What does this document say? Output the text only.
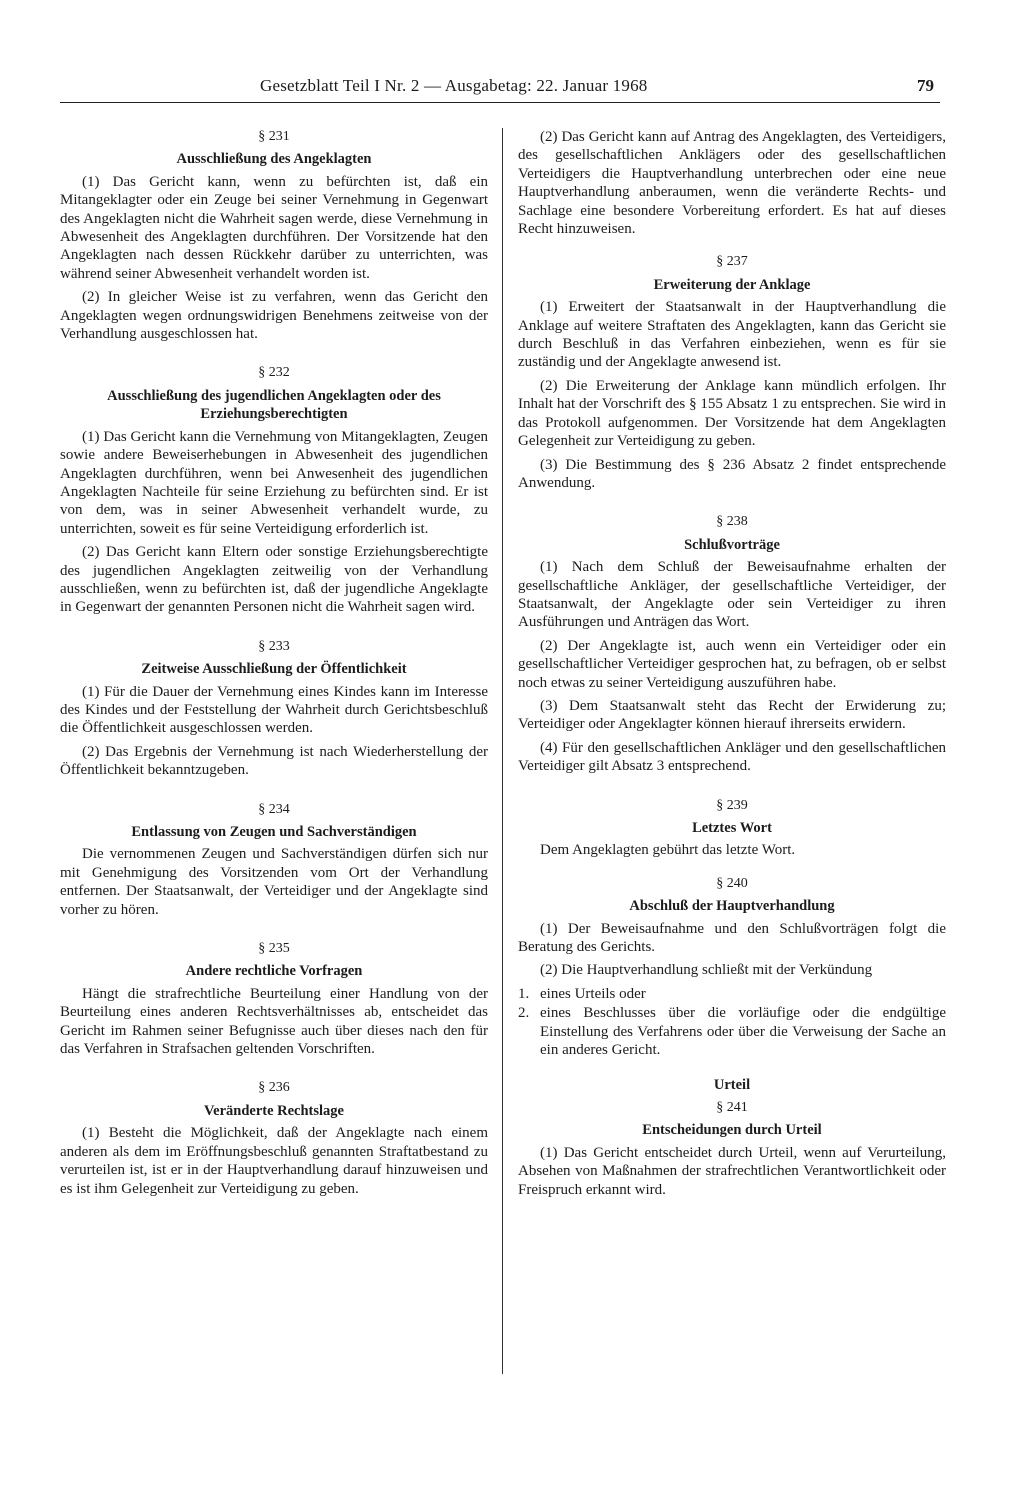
Gesetzblatt Teil I Nr. 2 — Ausgabetag: 22. Januar 1968	79
§ 231
Ausschließung des Angeklagten

(1) Das Gericht kann, wenn zu befürchten ist, daß ein Mitangeklagter oder ein Zeuge bei seiner Vernehmung in Gegenwart des Angeklagten nicht die Wahrheit sagen werde, diese Vernehmung in Abwesenheit des Angeklagten durchführen. Der Vorsitzende hat den Angeklagten nach dessen Rückkehr darüber zu unterrichten, was während seiner Abwesenheit verhandelt worden ist.

(2) In gleicher Weise ist zu verfahren, wenn das Gericht den Angeklagten wegen ordnungswidrigen Benehmens zeitweise von der Verhandlung ausgeschlossen hat.

§ 232
Ausschließung des jugendlichen Angeklagten oder des Erziehungsberechtigten

(1) Das Gericht kann die Vernehmung von Mitangeklagten, Zeugen sowie andere Beweiserhebungen in Abwesenheit des jugendlichen Angeklagten durchführen, wenn bei Anwesenheit des jugendlichen Angeklagten Nachteile für seine Erziehung zu befürchten sind. Er ist von dem, was in seiner Abwesenheit verhandelt wurde, zu unterrichten, soweit es für seine Verteidigung erforderlich ist.

(2) Das Gericht kann Eltern oder sonstige Erziehungsberechtigte des jugendlichen Angeklagten zeitweilig von der Verhandlung ausschließen, wenn zu befürchten ist, daß der jugendliche Angeklagte in Gegenwart der genannten Personen nicht die Wahrheit sagen wird.

§ 233
Zeitweise Ausschließung der Öffentlichkeit

(1) Für die Dauer der Vernehmung eines Kindes kann im Interesse des Kindes und der Feststellung der Wahrheit durch Gerichtsbeschluß die Öffentlichkeit ausgeschlossen werden.

(2) Das Ergebnis der Vernehmung ist nach Wiederherstellung der Öffentlichkeit bekanntzugeben.

§ 234
Entlassung von Zeugen und Sachverständigen

Die vernommenen Zeugen und Sachverständigen dürfen sich nur mit Genehmigung des Vorsitzenden vom Ort der Verhandlung entfernen. Der Staatsanwalt, der Verteidiger und der Angeklagte sind vorher zu hören.

§ 235
Andere rechtliche Vorfragen

Hängt die strafrechtliche Beurteilung einer Handlung von der Beurteilung eines anderen Rechtsverhältnisses ab, entscheidet das Gericht im Rahmen seiner Befugnisse auch über dieses nach den für das Verfahren in Strafsachen geltenden Vorschriften.

§ 236
Veränderte Rechtslage

(1) Besteht die Möglichkeit, daß der Angeklagte nach einem anderen als dem im Eröffnungsbeschluß genannten Straftatbestand zu verurteilen ist, ist er in der Hauptverhandlung darauf hinzuweisen und es ist ihm Gelegenheit zur Verteidigung zu geben.

(2) Das Gericht kann auf Antrag des Angeklagten, des Verteidigers, des gesellschaftlichen Anklägers oder des gesellschaftlichen Verteidigers die Hauptverhandlung unterbrechen oder eine neue Hauptverhandlung anberaumen, wenn die veränderte Rechts- und Sachlage eine besondere Vorbereitung erfordert. Es hat auf dieses Recht hinzuweisen.

§ 237
Erweiterung der Anklage

(1) Erweitert der Staatsanwalt in der Hauptverhandlung die Anklage auf weitere Straftaten des Angeklagten, kann das Gericht sie durch Beschluß in das Verfahren einbeziehen, wenn es für sie zuständig und der Angeklagte anwesend ist.

(2) Die Erweiterung der Anklage kann mündlich erfolgen. Ihr Inhalt hat der Vorschrift des § 155 Absatz 1 zu entsprechen. Sie wird in das Protokoll aufgenommen. Der Vorsitzende hat dem Angeklagten Gelegenheit zur Verteidigung zu geben.

(3) Die Bestimmung des § 236 Absatz 2 findet entsprechende Anwendung.

§ 238
Schlußvorträge

(1) Nach dem Schluß der Beweisaufnahme erhalten der gesellschaftliche Ankläger, der gesellschaftliche Verteidiger, der Staatsanwalt, der Angeklagte oder sein Verteidiger zu ihren Ausführungen und Anträgen das Wort.

(2) Der Angeklagte ist, auch wenn ein Verteidiger oder ein gesellschaftlicher Verteidiger gesprochen hat, zu befragen, ob er selbst noch etwas zu seiner Verteidigung auszuführen habe.

(3) Dem Staatsanwalt steht das Recht der Erwiderung zu; Verteidiger oder Angeklagter können hierauf ihrerseits erwidern.

(4) Für den gesellschaftlichen Ankläger und den gesellschaftlichen Verteidiger gilt Absatz 3 entsprechend.

§ 239
Letztes Wort

Dem Angeklagten gebührt das letzte Wort.

§ 240
Abschluß der Hauptverhandlung

(1) Der Beweisaufnahme und den Schlußvorträgen folgt die Beratung des Gerichts.

(2) Die Hauptverhandlung schließt mit der Verkündung

1. eines Urteils oder
2. eines Beschlusses über die vorläufige oder die endgültige Einstellung des Verfahrens oder über die Verweisung der Sache an ein anderes Gericht.
Urteil
§ 241
Entscheidungen durch Urteil

(1) Das Gericht entscheidet durch Urteil, wenn auf Verurteilung, Absehen von Maßnahmen der strafrechtlichen Verantwortlichkeit oder Freispruch erkannt wird.
